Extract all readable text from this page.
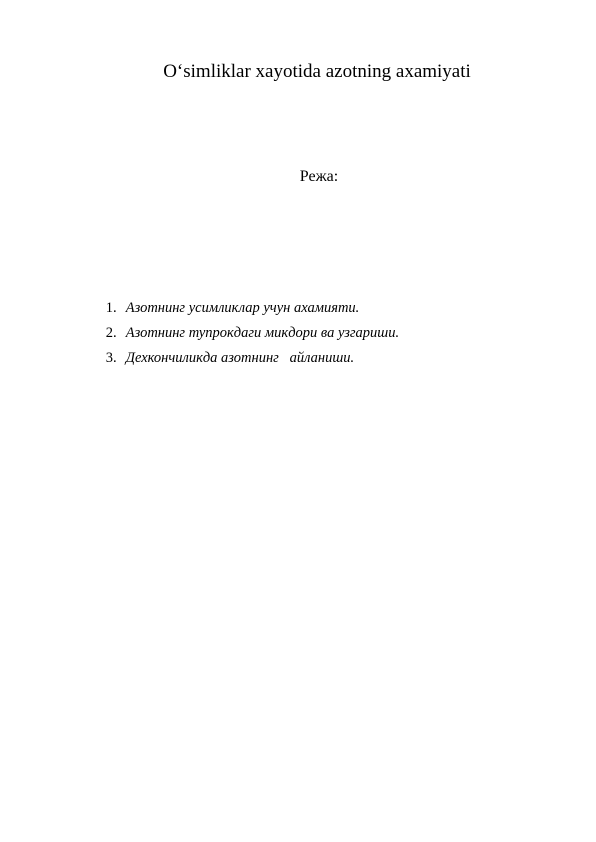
O‘simliklar xayotida azotning axamiyati
Режа:

1. Азотнинг усимликлар учун ахамияти.

2. Азотнинг тупрокдаги микдори ва узгариши.

3. Дехкончиликда азотнинг   айланиши.
